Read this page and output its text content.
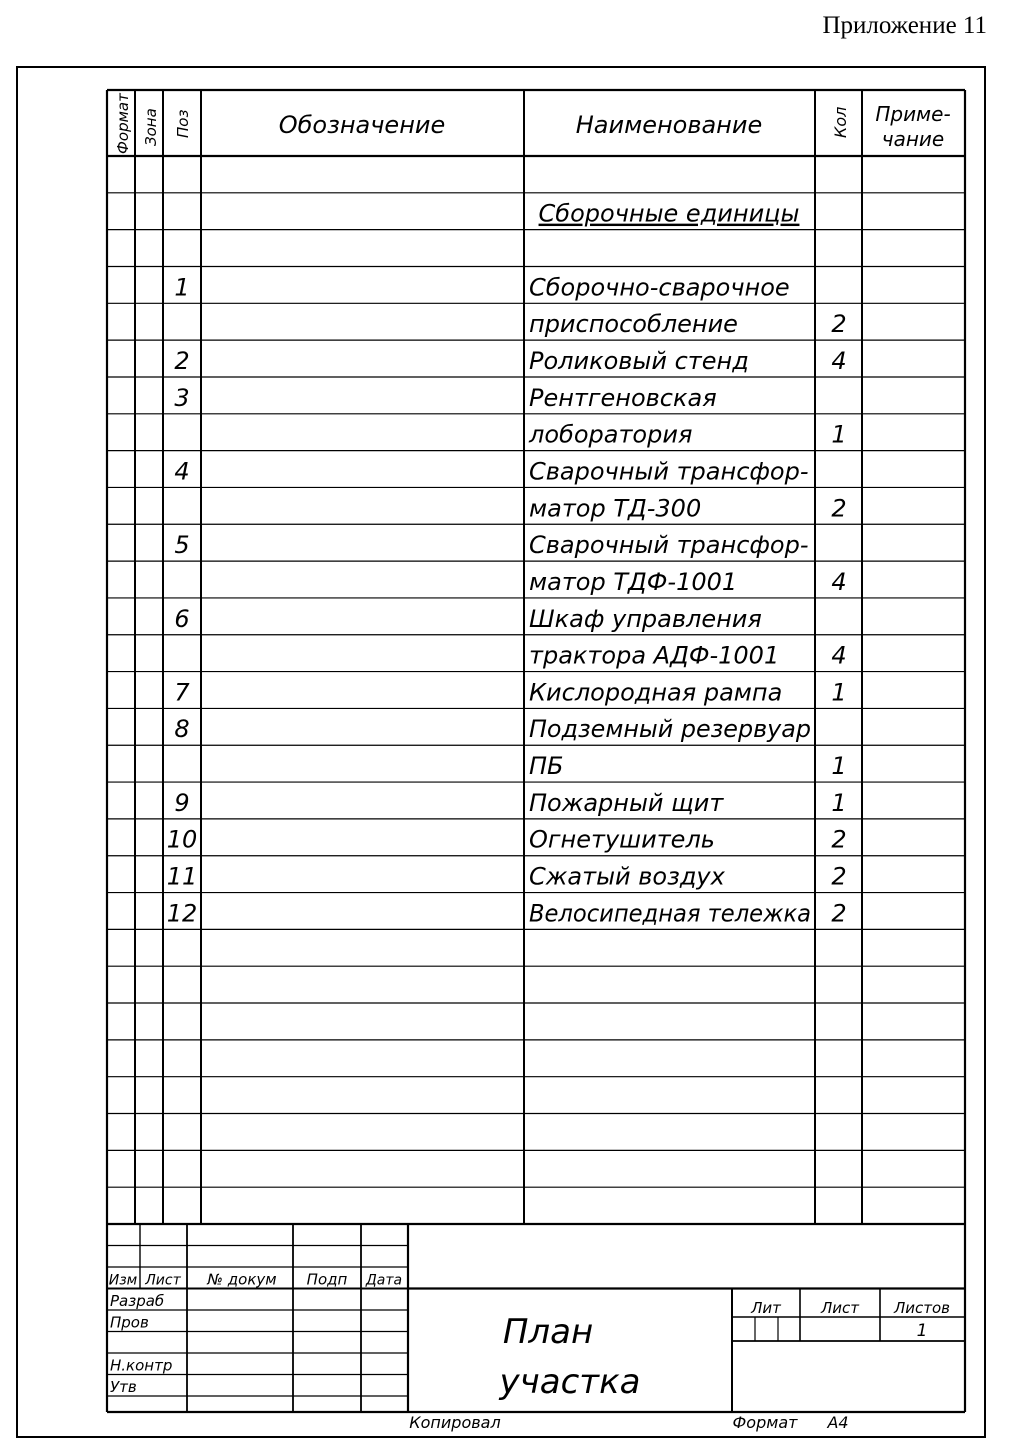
Приложение 11
Формат Зона Поз	Обозначение	Наименование	Кол Приме-
чание
Сборочные единицы
1	Сборочно-сварочное
приспособление	2
2	Роликовый стенд	4
3	Рентгеновская
лоборатория	1
4	Сварочный трансфор-
матор ТД-300	2
5	Сварочный трансфор-
матор ТДФ-1001	4
6	Шкаф управления
трактора АДФ-1001 4
7	Кислородная рампа 1
8	Подземный резервуар
ПБ	1
9	Пожарный щит	1
10	Огнетушитель	2
11	Сжатый воздух	2
12	Велосипедная тележка 2
Изм Лист № докум Подп Дата
Разраб
Пров
Н.контр
Утв
Лит	Лист Листов
1
План
участка
Копировал	Формат A4
